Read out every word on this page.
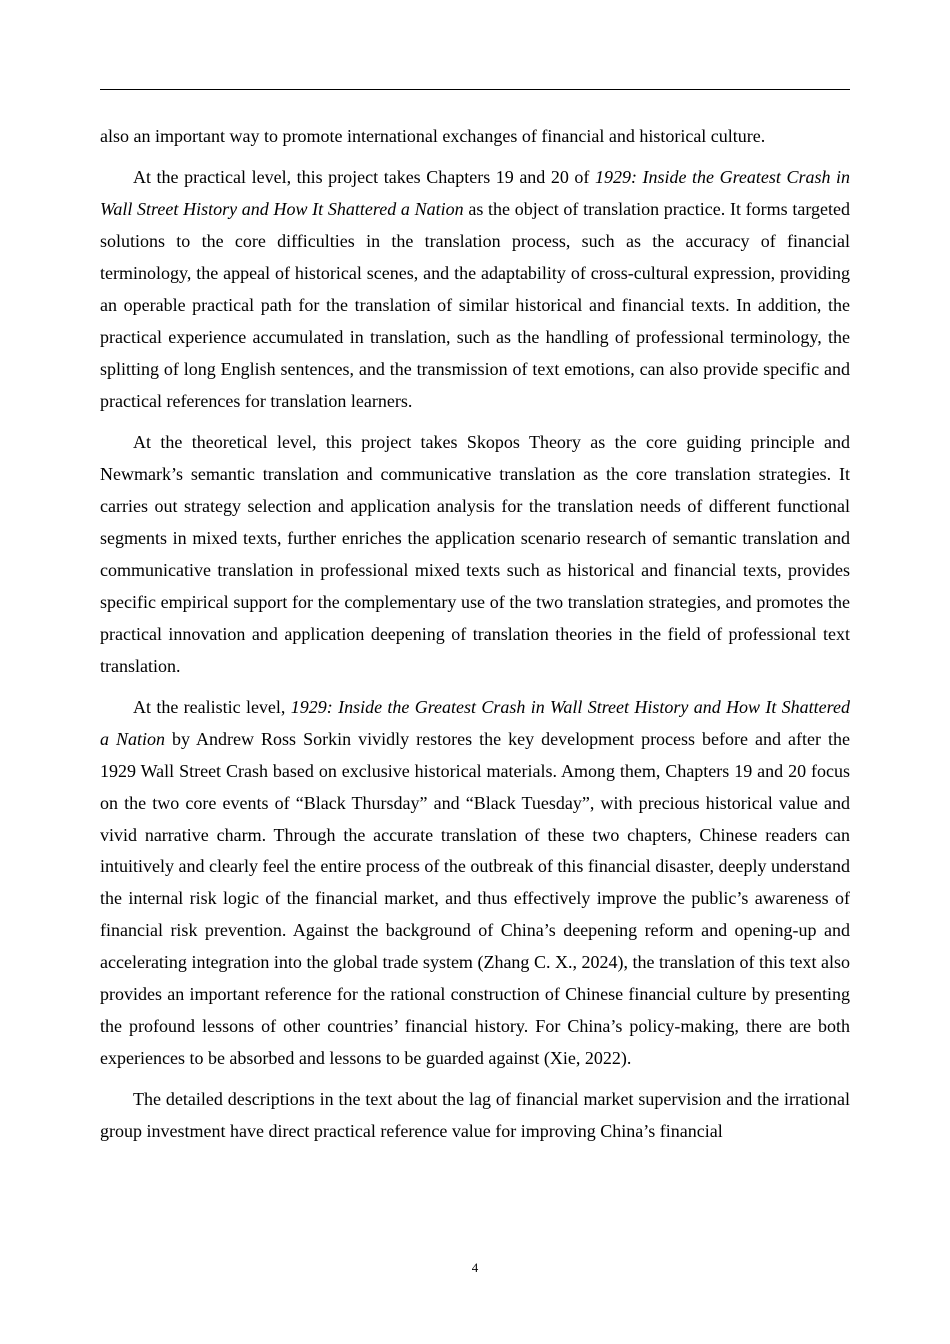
also an important way to promote international exchanges of financial and historical culture.

At the practical level, this project takes Chapters 19 and 20 of 1929: Inside the Greatest Crash in Wall Street History and How It Shattered a Nation as the object of translation practice. It forms targeted solutions to the core difficulties in the translation process, such as the accuracy of financial terminology, the appeal of historical scenes, and the adaptability of cross-cultural expression, providing an operable practical path for the translation of similar historical and financial texts. In addition, the practical experience accumulated in translation, such as the handling of professional terminology, the splitting of long English sentences, and the transmission of text emotions, can also provide specific and practical references for translation learners.

At the theoretical level, this project takes Skopos Theory as the core guiding principle and Newmark’s semantic translation and communicative translation as the core translation strategies. It carries out strategy selection and application analysis for the translation needs of different functional segments in mixed texts, further enriches the application scenario research of semantic translation and communicative translation in professional mixed texts such as historical and financial texts, provides specific empirical support for the complementary use of the two translation strategies, and promotes the practical innovation and application deepening of translation theories in the field of professional text translation.

At the realistic level, 1929: Inside the Greatest Crash in Wall Street History and How It Shattered a Nation by Andrew Ross Sorkin vividly restores the key development process before and after the 1929 Wall Street Crash based on exclusive historical materials. Among them, Chapters 19 and 20 focus on the two core events of “Black Thursday” and “Black Tuesday”, with precious historical value and vivid narrative charm. Through the accurate translation of these two chapters, Chinese readers can intuitively and clearly feel the entire process of the outbreak of this financial disaster, deeply understand the internal risk logic of the financial market, and thus effectively improve the public’s awareness of financial risk prevention. Against the background of China’s deepening reform and opening-up and accelerating integration into the global trade system (Zhang C. X., 2024), the translation of this text also provides an important reference for the rational construction of Chinese financial culture by presenting the profound lessons of other countries’ financial history. For China’s policy-making, there are both experiences to be absorbed and lessons to be guarded against (Xie, 2022).

The detailed descriptions in the text about the lag of financial market supervision and the irrational group investment have direct practical reference value for improving China’s financial

4
